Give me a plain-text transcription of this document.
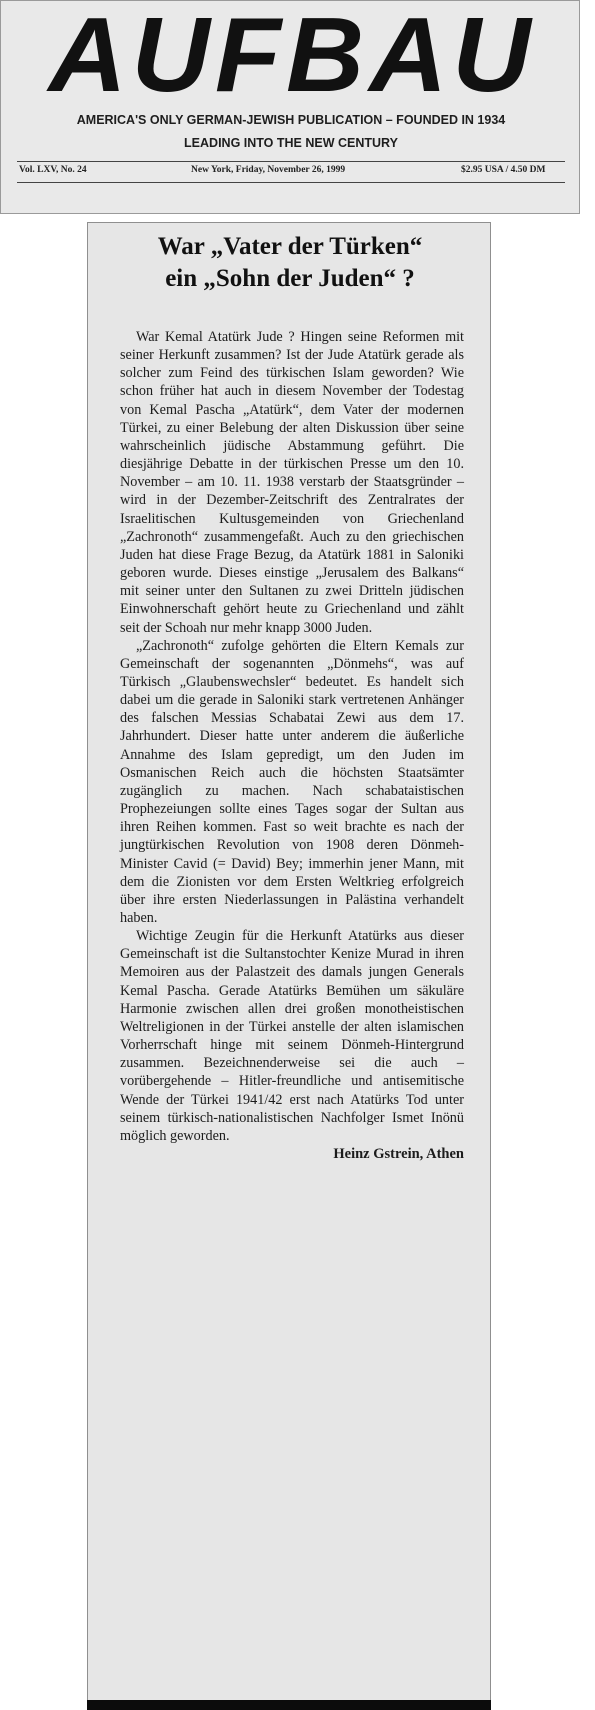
AUFBAU
AMERICA'S ONLY GERMAN-JEWISH PUBLICATION – FOUNDED IN 1934
LEADING INTO THE NEW CENTURY
Vol. LXV, No. 24	New York, Friday, November 26, 1999	$2.95 USA / 4.50 DM
War „Vater der Türken“
ein „Sohn der Juden“ ?

War Kemal Atatürk Jude ? Hingen seine Reformen mit seiner Herkunft zusammen? Ist der Jude Atatürk gerade als solcher zum Feind des türkischen Islam geworden? Wie schon früher hat auch in diesem November der Todestag von Kemal Pascha „Atatürk“, dem Vater der modernen Türkei, zu einer Belebung der alten Diskussion über seine wahrscheinlich jüdische Abstammung geführt. Die diesjährige Debatte in der türkischen Presse um den 10. November – am 10. 11. 1938 verstarb der Staatsgründer – wird in der Dezember-Zeitschrift des Zentralrates der Israelitischen Kultusgemeinden von Griechenland „Zachronoth“ zusammengefaßt. Auch zu den griechischen Juden hat diese Frage Bezug, da Atatürk 1881 in Saloniki geboren wurde. Dieses einstige „Jerusalem des Balkans“ mit seiner unter den Sultanen zu zwei Dritteln jüdischen Einwohnerschaft gehört heute zu Griechenland und zählt seit der Schoah nur mehr knapp 3000 Juden.

„Zachronoth“ zufolge gehörten die Eltern Kemals zur Gemeinschaft der sogenannten „Dönmehs“, was auf Türkisch „Glaubenswechsler“ bedeutet. Es handelt sich dabei um die gerade in Saloniki stark vertretenen Anhänger des falschen Messias Schabatai Zewi aus dem 17. Jahrhundert. Dieser hatte unter anderem die äußerliche Annahme des Islam gepredigt, um den Juden im Osmanischen Reich auch die höchsten Staatsämter zugänglich zu machen. Nach schabataistischen Prophezeiungen sollte eines Tages sogar der Sultan aus ihren Reihen kommen. Fast so weit brachte es nach der jungtürkischen Revolution von 1908 deren Dönmeh-Minister Cavid (= David) Bey; immerhin jener Mann, mit dem die Zionisten vor dem Ersten Weltkrieg erfolgreich über ihre ersten Niederlassungen in Palästina verhandelt haben.

Wichtige Zeugin für die Herkunft Atatürks aus dieser Gemeinschaft ist die Sultanstochter Kenize Murad in ihren Memoiren aus der Palastzeit des damals jungen Generals Kemal Pascha. Gerade Atatürks Bemühen um säkuläre Harmonie zwischen allen drei großen monotheistischen Weltreligionen in der Türkei anstelle der alten islamischen Vorherrschaft hinge mit seinem Dönmeh-Hintergrund zusammen. Bezeichnenderweise sei die auch – vorübergehende – Hitler-freundliche und antisemitische Wende der Türkei 1941/42 erst nach Atatürks Tod unter seinem türkisch-nationalistischen Nachfolger Ismet Inönü möglich geworden.

Heinz Gstrein, Athen
